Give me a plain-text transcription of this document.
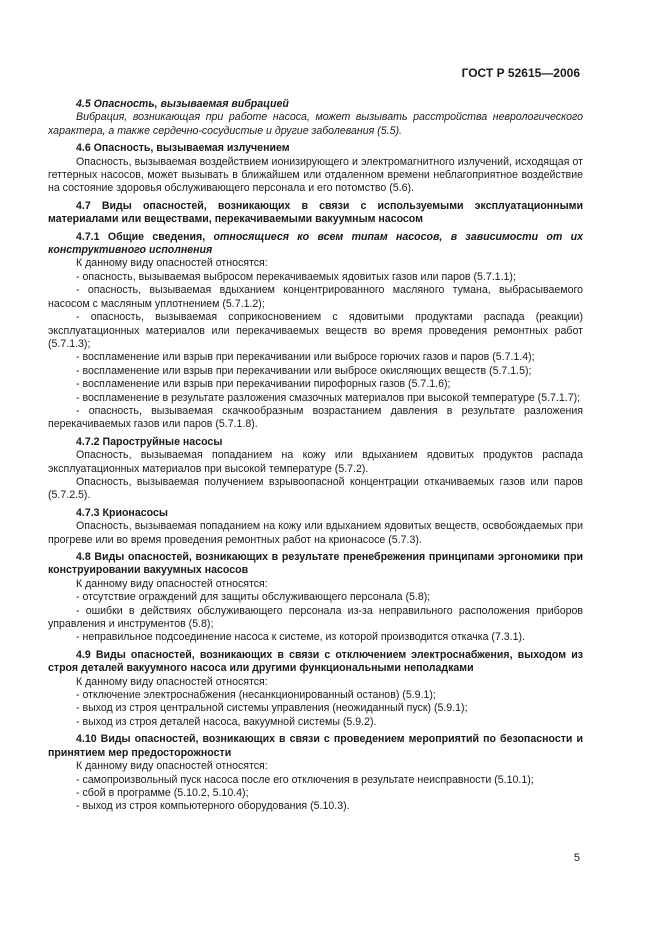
ГОСТ Р 52615—2006

4.5 Опасность, вызываемая вибрацией

Вибрация, возникающая при работе насоса, может вызывать расстройства неврологического характера, а также сердечно-сосудистые и другие заболевания (5.5).

4.6 Опасность, вызываемая излучением

Опасность, вызываемая воздействием ионизирующего и электромагнитного излучений, исходящая от геттерных насосов, может вызывать в ближайшем или отдаленном времени неблагоприятное воздействие на состояние здоровья обслуживающего персонала и его потомство (5.6).

4.7 Виды опасностей, возникающих в связи с используемыми эксплуатационными материалами или веществами, перекачиваемыми вакуумным насосом

4.7.1 Общие сведения, относящиеся ко всем типам насосов, в зависимости от их конструктивного исполнения

К данному виду опасностей относятся:

- опасность, вызываемая выбросом перекачиваемых ядовитых газов или паров (5.7.1.1);

- опасность, вызываемая вдыханием концентрированного масляного тумана, выбрасываемого насосом с масляным уплотнением (5.7.1.2);

- опасность, вызываемая соприкосновением с ядовитыми продуктами распада (реакции) эксплуатационных материалов или перекачиваемых веществ во время проведения ремонтных работ (5.7.1.3);

- воспламенение или взрыв при перекачивании или выбросе горючих газов и паров (5.7.1.4);

- воспламенение или взрыв при перекачивании или выбросе окисляющих веществ (5.7.1.5);

- воспламенение или взрыв при перекачивании пирофорных газов (5.7.1.6);

- воспламенение в результате разложения смазочных материалов при высокой температуре (5.7.1.7);

- опасность, вызываемая скачкообразным возрастанием давления в результате разложения перекачиваемых газов или паров (5.7.1.8).

4.7.2 Пароструйные насосы

Опасность, вызываемая попаданием на кожу или вдыханием ядовитых продуктов распада эксплуатационных материалов при высокой температуре (5.7.2).

Опасность, вызываемая получением взрывоопасной концентрации откачиваемых газов или паров (5.7.2.5).

4.7.3 Крионасосы

Опасность, вызываемая попаданием на кожу или вдыханием ядовитых веществ, освобождаемых при прогреве или во время проведения ремонтных работ на крионасосе (5.7.3).

4.8 Виды опасностей, возникающих в результате пренебрежения принципами эргономики при конструировании вакуумных насосов

К данному виду опасностей относятся:

- отсутствие ограждений для защиты обслуживающего персонала (5.8);

- ошибки в действиях обслуживающего персонала из-за неправильного расположения приборов управления и инструментов (5.8);

- неправильное подсоединение насоса к системе, из которой производится откачка (7.3.1).

4.9 Виды опасностей, возникающих в связи с отключением электроснабжения, выходом из строя деталей вакуумного насоса или другими функциональными неполадками

К данному виду опасностей относятся:

- отключение электроснабжения (несанкционированный останов) (5.9.1);

- выход из строя центральной системы управления (неожиданный пуск) (5.9.1);

- выход из строя деталей насоса, вакуумной системы (5.9.2).

4.10 Виды опасностей, возникающих в связи с проведением мероприятий по безопасности и принятием мер предосторожности

К данному виду опасностей относятся:

- самопроизвольный пуск насоса после его отключения в результате неисправности (5.10.1);

- сбой в программе (5.10.2, 5.10.4);

- выход из строя компьютерного оборудования (5.10.3).

5
